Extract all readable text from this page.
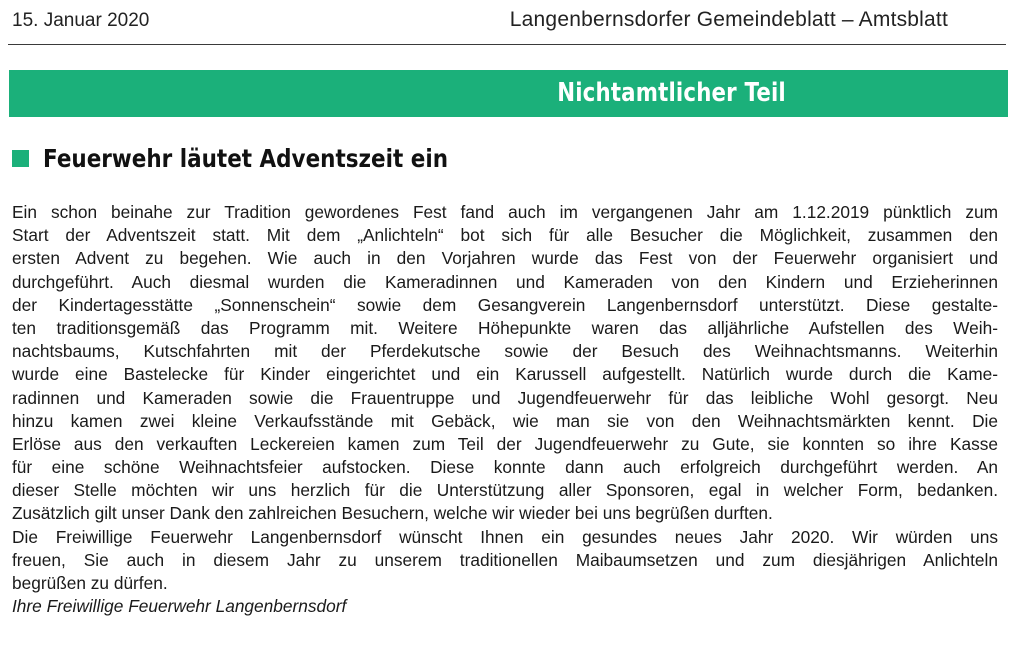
15. Januar 2020	Langenbernsdorfer Gemeindeblatt – Amtsblatt
Nichtamtlicher Teil
Feuerwehr läutet Adventszeit ein
Ein schon beinahe zur Tradition gewordenes Fest fand auch im vergangenen Jahr am 1.12.2019 pünktlich zum
Start der Adventszeit statt. Mit dem „Anlichteln“ bot sich für alle Besucher die Möglichkeit, zusammen den
ersten Advent zu begehen. Wie auch in den Vorjahren wurde das Fest von der Feuerwehr organisiert und
durchgeführt. Auch diesmal wurden die Kameradinnen und Kameraden von den Kindern und Erzieherinnen
der Kindertagesstätte „Sonnenschein“ sowie dem Gesangverein Langenbernsdorf unterstützt. Diese gestalte-
ten traditionsgemäß das Programm mit. Weitere Höhepunkte waren das alljährliche Aufstellen des Weih-
nachtsbaums, Kutschfahrten mit der Pferdekutsche sowie der Besuch des Weihnachtsmanns. Weiterhin
wurde eine Bastelecke für Kinder eingerichtet und ein Karussell aufgestellt. Natürlich wurde durch die Kame-
radinnen und Kameraden sowie die Frauentruppe und Jugendfeuerwehr für das leibliche Wohl gesorgt. Neu
hinzu kamen zwei kleine Verkaufsstände mit Gebäck, wie man sie von den Weihnachtsmärkten kennt. Die
Erlöse aus den verkauften Leckereien kamen zum Teil der Jugendfeuerwehr zu Gute, sie konnten so ihre Kasse
für eine schöne Weihnachtsfeier aufstocken. Diese konnte dann auch erfolgreich durchgeführt werden. An
dieser Stelle möchten wir uns herzlich für die Unterstützung aller Sponsoren, egal in welcher Form, bedanken.
Zusätzlich gilt unser Dank den zahlreichen Besuchern, welche wir wieder bei uns begrüßen durften.
Die Freiwillige Feuerwehr Langenbernsdorf wünscht Ihnen ein gesundes neues Jahr 2020. Wir würden uns
freuen, Sie auch in diesem Jahr zu unserem traditionellen Maibaumsetzen und zum diesjährigen Anlichteln
begrüßen zu dürfen.
Ihre Freiwillige Feuerwehr Langenbernsdorf
